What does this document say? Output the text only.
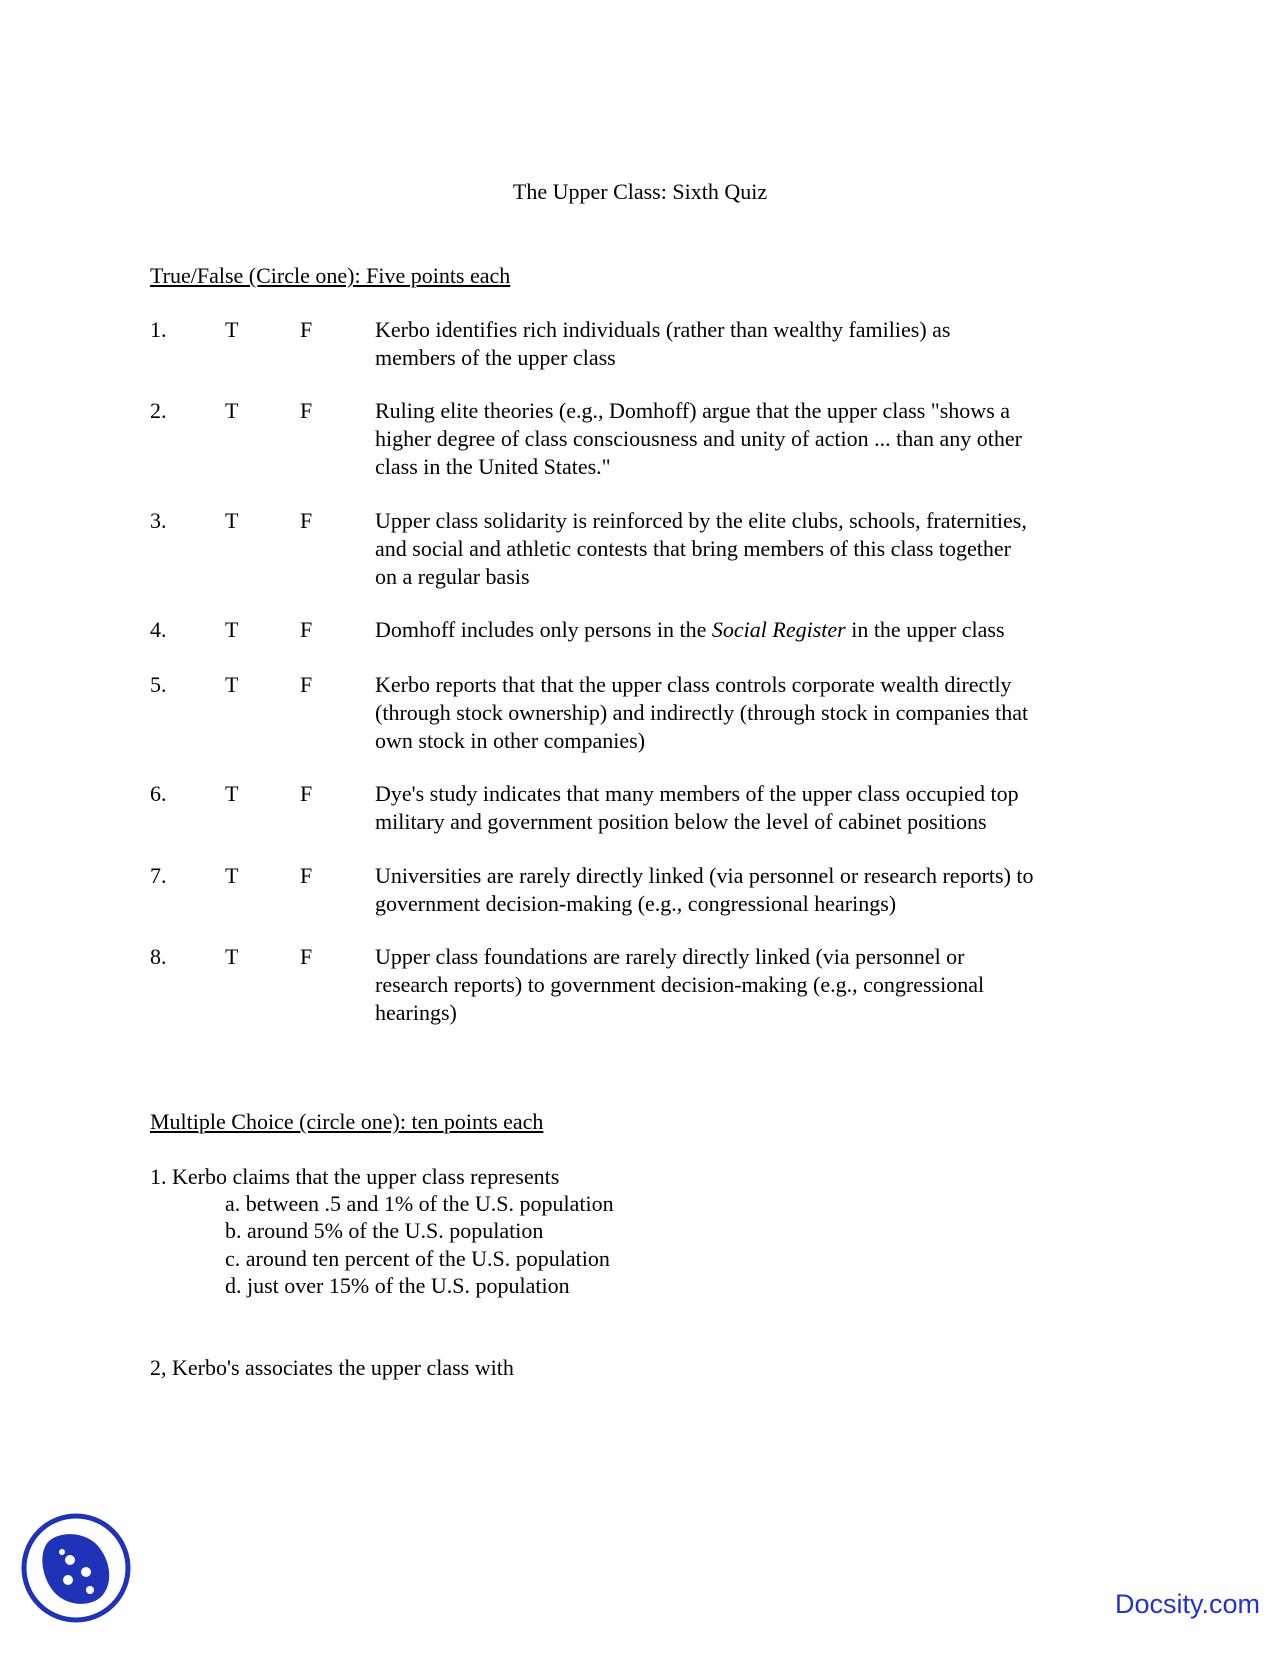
The Upper Class: Sixth Quiz
True/False (Circle one): Five points each
1.	T	F	Kerbo identifies rich individuals (rather than wealthy families) as
members of the upper class
2.	T	F	Ruling elite theories (e.g., Domhoff) argue that the upper class "shows a
higher degree of class consciousness and unity of action ... than any other
class in the United States."
3.	T	F	Upper class solidarity is reinforced by the elite clubs, schools, fraternities,
and social and athletic contests that bring members of this class together
on a regular basis
4.	T	F	Domhoff includes only persons in the Social Register in the upper class
5.	T	F	Kerbo reports that that the upper class controls corporate wealth directly
(through stock ownership) and indirectly (through stock in companies that
own stock in other companies)
6.	T	F	Dye's study indicates that many members of the upper class occupied top
military and government position below the level of cabinet positions
7.	T	F	Universities are rarely directly linked (via personnel or research reports) to
government decision-making (e.g., congressional hearings)
8.	T	F	Upper class foundations are rarely directly linked (via personnel or
research reports) to government decision-making (e.g., congressional
hearings)
Multiple Choice (circle one): ten points each
1. Kerbo claims that the upper class represents
a. between .5 and 1% of the U.S. population
b. around 5% of the U.S. population
c. around ten percent of the U.S. population
d. just over 15% of the U.S. population
2, Kerbo's associates the upper class with
Docsity.com
